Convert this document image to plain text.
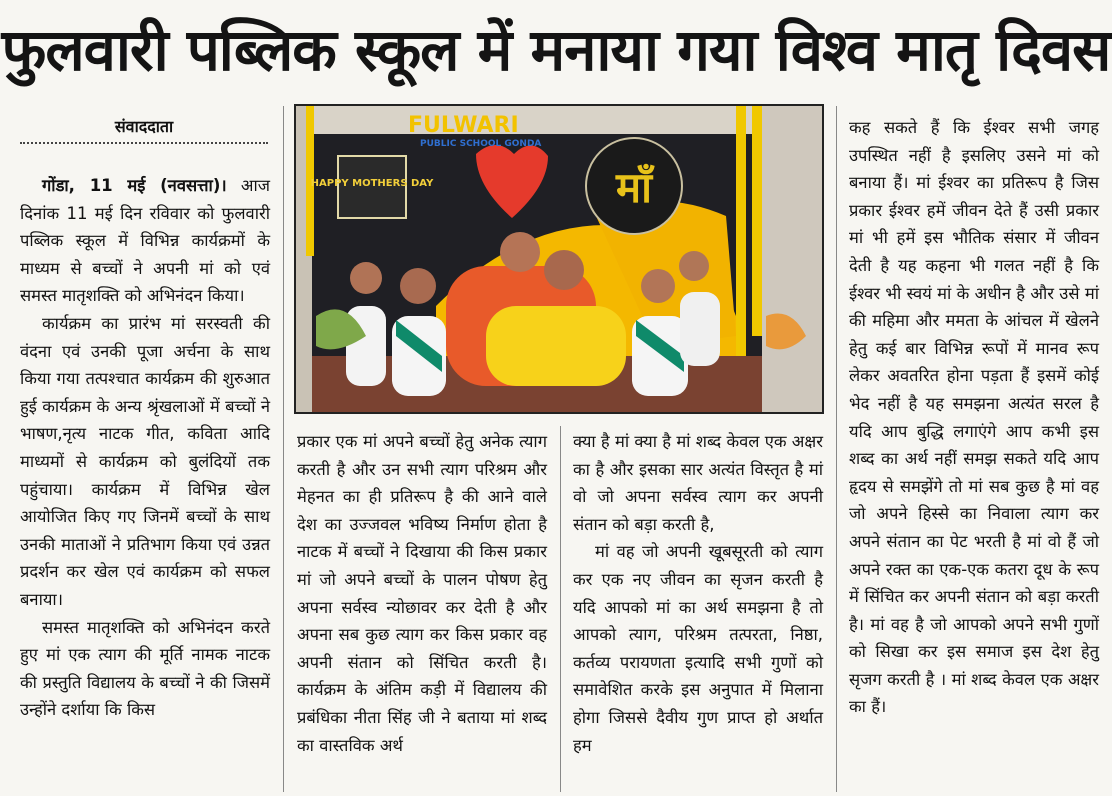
फुलवारी पब्लिक स्कूल में मनाया गया विश्व मातृ दिवस
संवाददाता

गोंडा, 11 मई (नवसत्ता)। आज दिनांक 11 मई दिन रविवार को फुलवारी पब्लिक स्कूल में विभिन्न कार्यक्रमों के माध्यम से बच्चों ने अपनी मां को एवं समस्त मातृशक्ति को अभिनंदन किया।

कार्यक्रम का प्रारंभ मां सरस्वती की वंदना एवं उनकी पूजा अर्चना के साथ किया गया तत्पश्चात कार्यक्रम की शुरुआत हुई कार्यक्रम के अन्य श्रृंखलाओं में बच्चों ने भाषण,नृत्य नाटक गीत, कविता आदि माध्यमों से कार्यक्रम को बुलंदियों तक पहुंचाया। कार्यक्रम में विभिन्न खेल आयोजित किए गए जिनमें बच्चों के साथ उनकी माताओं ने प्रतिभाग किया एवं उन्नत प्रदर्शन कर खेल एवं कार्यक्रम को सफल बनाया।

समस्त मातृशक्ति को अभिनंदन करते हुए मां एक त्याग की मूर्ति नामक नाटक की प्रस्तुति विद्यालय के बच्चों ने की जिसमें उन्होंने दर्शाया कि किस

FULWARI
PUBLIC SCHOOL GONDA
HAPPY MOTHERS DAY	माँ

प्रकार एक मां अपने बच्चों हेतु अनेक त्याग करती है और उन सभी त्याग परिश्रम और मेहनत का ही प्रतिरूप है की आने वाले देश का उज्जवल भविष्य निर्माण होता है नाटक में बच्चों ने दिखाया की किस प्रकार मां जो अपने बच्चों के पालन पोषण हेतु अपना सर्वस्व न्योछावर कर देती है और अपना सब कुछ त्याग कर किस प्रकार वह अपनी संतान को सिंचित करती है। कार्यक्रम के अंतिम कड़ी में विद्यालय की प्रबंधिका नीता सिंह जी ने बताया मां शब्द का वास्तविक अर्थ

क्या है मां क्या है मां शब्द केवल एक अक्षर का है और इसका सार अत्यंत विस्तृत है मां वो जो अपना सर्वस्व त्याग कर अपनी संतान को बड़ा करती है,

मां वह जो अपनी खूबसूरती को त्याग कर एक नए जीवन का सृजन करती है यदि आपको मां का अर्थ समझना है तो आपको त्याग, परिश्रम तत्परता, निष्ठा, कर्तव्य परायणता इत्यादि सभी गुणों को समावेशित करके इस अनुपात में मिलाना होगा जिससे दैवीय गुण प्राप्त हो अर्थात हम

कह सकते हैं कि ईश्वर सभी जगह उपस्थित नहीं है इसलिए उसने मां को बनाया हैं। मां ईश्वर का प्रतिरूप है जिस प्रकार ईश्वर हमें जीवन देते हैं उसी प्रकार मां भी हमें इस भौतिक संसार में जीवन देती है यह कहना भी गलत नहीं है कि ईश्वर भी स्वयं मां के अधीन है और उसे मां की महिमा और ममता के आंचल में खेलने हेतु कई बार विभिन्न रूपों में मानव रूप लेकर अवतरित होना पड़ता हैं इसमें कोई भेद नहीं है यह समझना अत्यंत सरल है यदि आप बुद्धि लगाएंगे आप कभी इस शब्द का अर्थ नहीं समझ सकते यदि आप हृदय से समझेंगे तो मां सब कुछ है मां वह जो अपने हिस्से का निवाला त्याग कर अपने संतान का पेट भरती है मां वो हैं जो अपने रक्त का एक-एक कतरा दूध के रूप में सिंचित कर अपनी संतान को बड़ा करती है। मां वह है जो आपको अपने सभी गुणों को सिखा कर इस समाज इस देश हेतु सृजग करती है । मां शब्द केवल एक अक्षर का हैं।
